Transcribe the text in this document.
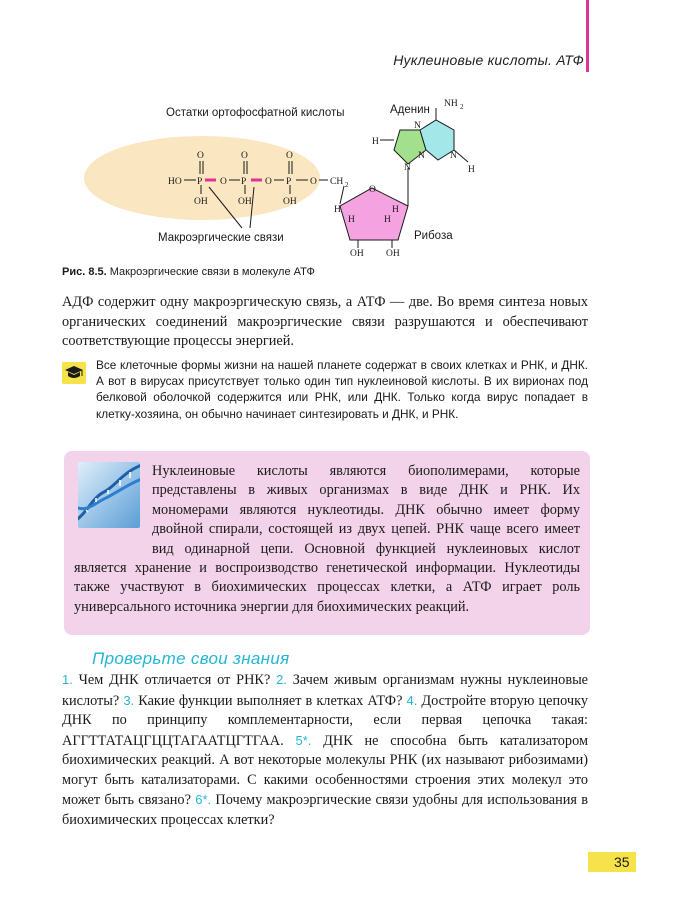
Нуклеиновые кислоты. АТФ
HO P
O
OH
O P
O
OH
O P
O
OH
O CH 2 O
H
H
H
H
OH OH
N
N
N	N
H
NH 2
H
Остатки ортофосфатной кислоты	Аденин
Макроэргические связи	Рибоза
Рис. 8.5. Макроэргические связи в молекуле АТФ
АДФ содержит одну макроэргическую связь, а АТФ — две. Во время синтеза новых органических соединений макроэргические связи разрушаются и обеспечивают соответствующие процессы энергией.
Все клеточные формы жизни на нашей планете содержат в своих клетках и РНК, и ДНК. А вот в вирусах присутствует только один тип нуклеиновой кислоты. В их вирионах под белковой оболочкой содержится или РНК, или ДНК. Только когда вирус попадает в клетку-хозяина, он обычно начинает синтезировать и ДНК, и РНК.
Нуклеиновые кислоты являются биополимерами, которые представлены в живых организмах в виде ДНК и РНК. Их мономерами являются нуклеотиды. ДНК обычно имеет форму двойной спирали, состоящей из двух цепей. РНК чаще всего имеет вид одинарной цепи. Основной функцией нуклеиновых кислот является хранение и воспроизводство генетической информации. Нуклеотиды также участвуют в биохимических процессах клетки, а АТФ играет роль универсального источника энергии для биохимических реакций.
Проверьте свои знания
1. Чем ДНК отличается от РНК? 2. Зачем живым организмам нужны нуклеиновые кислоты? 3. Какие функции выполняет в клетках АТФ? 4. Достройте вторую цепочку ДНК по принципу комплементарности, если первая цепочка такая: АГГТТАТАЦГЦЦТАГААТЦГТГАА. 5*. ДНК не способна быть катализатором биохимических реакций. А вот некоторые молекулы РНК (их называют рибозимами) могут быть катализаторами. С какими особенностями строения этих молекул это может быть связано? 6*. Почему макроэргические связи удобны для использования в биохимических процессах клетки?
35
